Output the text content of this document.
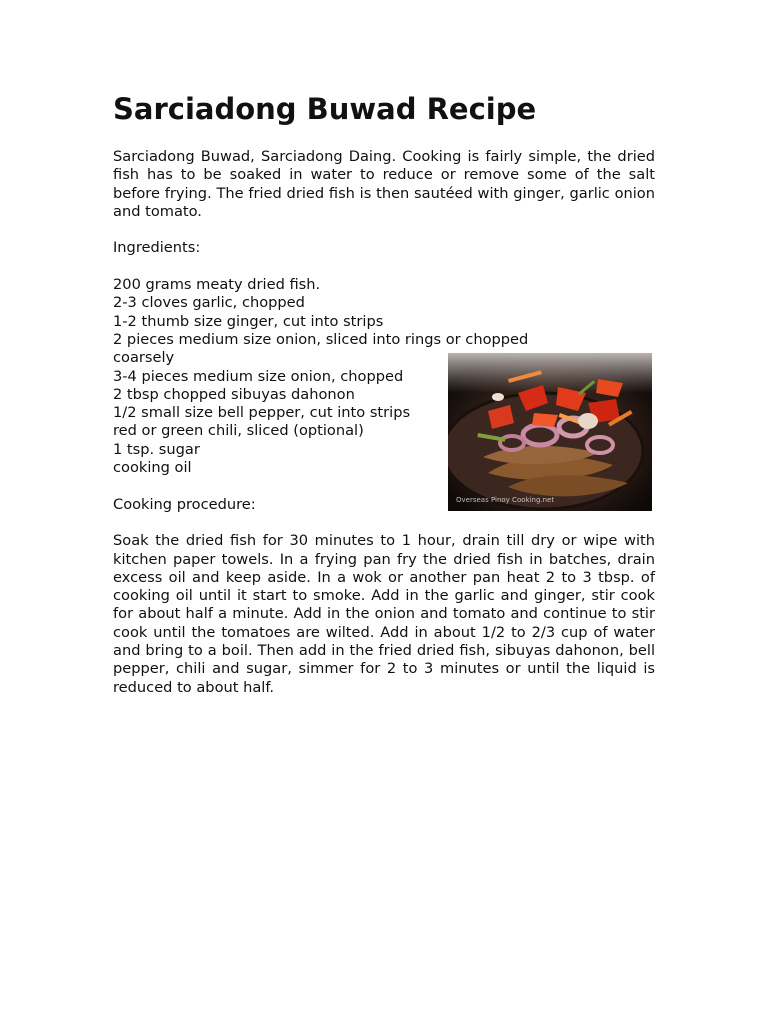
Sarciadong Buwad Recipe

Sarciadong Buwad, Sarciadong Daing. Cooking is fairly simple, the dried fish has to be soaked in water to reduce or remove some of the salt before frying. The fried dried fish is then sautéed with ginger, garlic onion and tomato.

Ingredients:
200 grams meaty dried fish.
2-3 cloves garlic, chopped
1-2 thumb size ginger, cut into strips
2 pieces medium size onion, sliced into rings or chopped coarsely
3-4 pieces medium size onion, chopped
2 tbsp chopped sibuyas dahonon
1/2 small size bell pepper, cut into strips
red or green chili, sliced (optional)
1 tsp. sugar
cooking oil
Cooking procedure:

Soak the dried fish for 30 minutes to 1 hour, drain till dry or wipe with kitchen paper towels. In a frying pan fry the dried fish in batches, drain excess oil and keep aside. In a wok or another pan heat 2 to 3 tbsp. of cooking oil until it start to smoke. Add in the garlic and ginger, stir cook for about half a minute. Add in the onion and tomato and continue to stir cook until the tomatoes are wilted. Add in about 1/2 to 2/3 cup of water and bring to a boil. Then add in the fried dried fish, sibuyas dahonon, bell pepper, chili and sugar, simmer for 2 to 3 minutes or until the liquid is reduced to about half.

Overseas Pinoy Cooking.net
